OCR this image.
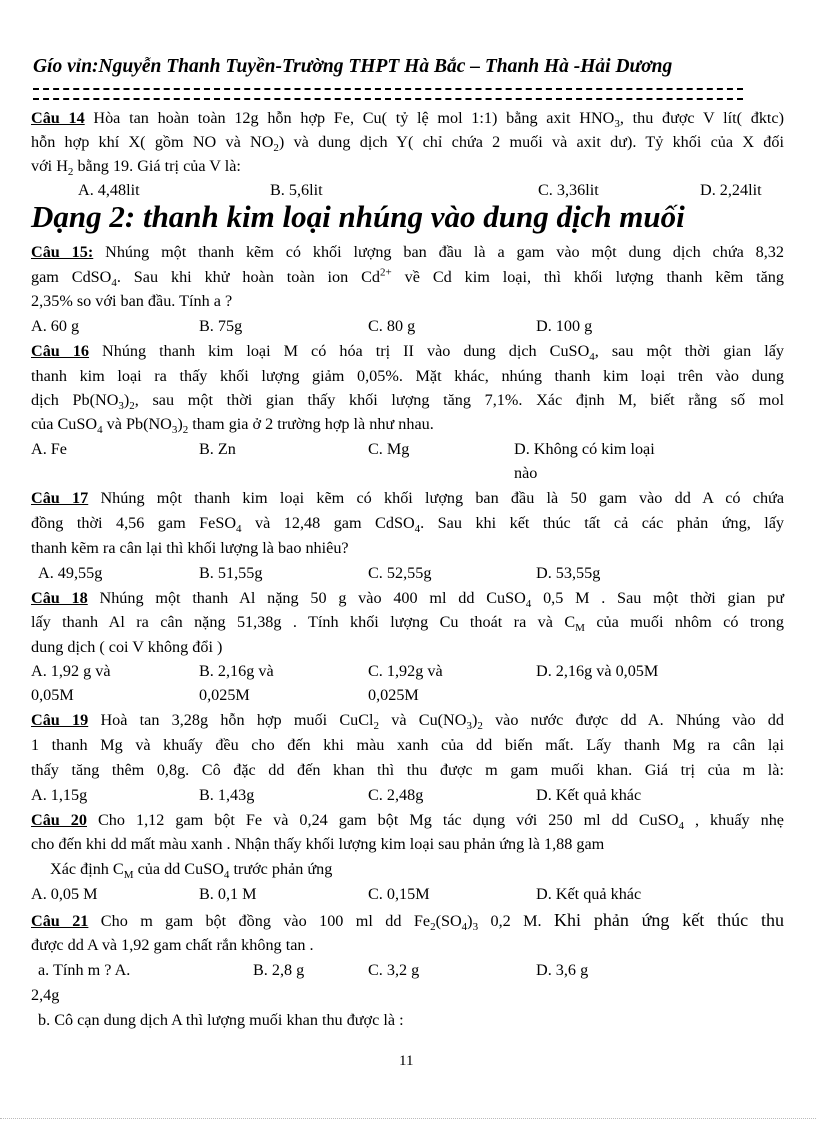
Gío vỉn:Nguyễn Thanh Tuyền-Trường THPT Hà Bắc – Thanh Hà -Hải Dương
Câu 14 Hòa tan hoàn toàn 12g hỗn hợp Fe, Cu( tỷ lệ mol 1:1) bằng axit $HNO_3$, thu được V lít( đktc)
hỗn hợp khí X( gồm NO và $NO_2$) và dung dịch Y( chỉ chứa 2 muối và axit dư). Tỷ khối của X đối
với $H_2$ bằng 19. Giá trị của V là:
A. 4,48lit	B. 5,6lit	C. 3,36lit	D. 2,24lit
Dạng 2: thanh kim loại nhúng vào dung dịch muối
Câu 15: Nhúng một thanh kẽm có khối lượng ban đầu là a gam vào một dung dịch chứa 8,32
gam CdSO$_4$. Sau khi khử hoàn toàn ion $Cd^{2+}$ về Cd kim loại, thì khối lượng thanh kẽm tăng
2,35% so với ban đầu. Tính a ?
A. 60 g	B. 75g	C. 80 g	D. 100 g
Câu 16 Nhúng thanh kim loại M có hóa trị II vào dung dịch CuSO$_4$, sau một thời gian lấy
thanh kim loại ra thấy khối lượng giảm 0,05%. Mặt khác, nhúng thanh kim loại trên vào dung
dịch $Pb(NO_3)_2$, sau một thời gian thấy khối lượng tăng 7,1%. Xác định M, biết rằng số mol
của CuSO$_4$ và $Pb(NO_3)_2$ tham gia ở 2 trường hợp là như nhau.
A. Fe	B. Zn	C. Mg	D. Không có kim loại
nào
Câu 17 Nhúng một thanh kim loại kẽm có khối lượng ban đầu là 50 gam vào dd A có chứa
đồng thời 4,56 gam FeSO$_4$ và 12,48 gam CdSO$_4$. Sau khi kết thúc tất cả các phản ứng, lấy
thanh kẽm ra cân lại thì khối lượng là bao nhiêu?
A. 49,55g	B. 51,55g	C. 52,55g	D. 53,55g
Câu 18 Nhúng một thanh Al nặng 50 g vào 400 ml dd CuSO$_4$ 0,5 M . Sau một thời gian pư
lấy thanh Al ra cân nặng 51,38g . Tính khối lượng Cu thoát ra và $C_M$ của muối nhôm có trong
dung dịch ( coi V không đổi )
A. 1,92 g và	B. 2,16g và	C. 1,92g và	D. 2,16g và 0,05M
0,05M	0,025M	0,025M
Câu 19 Hoà tan 3,28g hỗn hợp muối CuCl$_2$ và $Cu(NO_3)_2$ vào nước được dd A. Nhúng vào dd
1 thanh Mg và khuấy đều cho đến khi màu xanh của dd biến mất. Lấy thanh Mg ra cân lại
thấy tăng thêm 0,8g. Cô đặc dd đến khan thì thu được m gam muối khan. Giá trị của m là:
A. 1,15g	B. 1,43g	C. 2,48g	D. Kết quả khác
Câu 20 Cho 1,12 gam bột Fe và 0,24 gam bột Mg tác dụng với 250 ml dd CuSO$_4$ , khuấy nhẹ
cho đến khi dd mất màu xanh . Nhận thấy khối lượng kim loại sau phản ứng là 1,88 gam
Xác định $C_M$ của dd CuSO$_4$ trước phản ứng
A. 0,05 M	B. 0,1 M	C. 0,15M	D. Kết quả khác
Câu 21 Cho m gam bột đồng vào 100 ml dd $Fe_2(SO_4)_3$ 0,2 M. Khi phản ứng kết thúc thu
được dd A và 1,92 gam chất rắn không tan .
a. Tính m ? A.	B. 2,8 g	C. 3,2 g	D. 3,6 g
2,4g
b. Cô cạn dung dịch A thì lượng muối khan thu được là :
11
